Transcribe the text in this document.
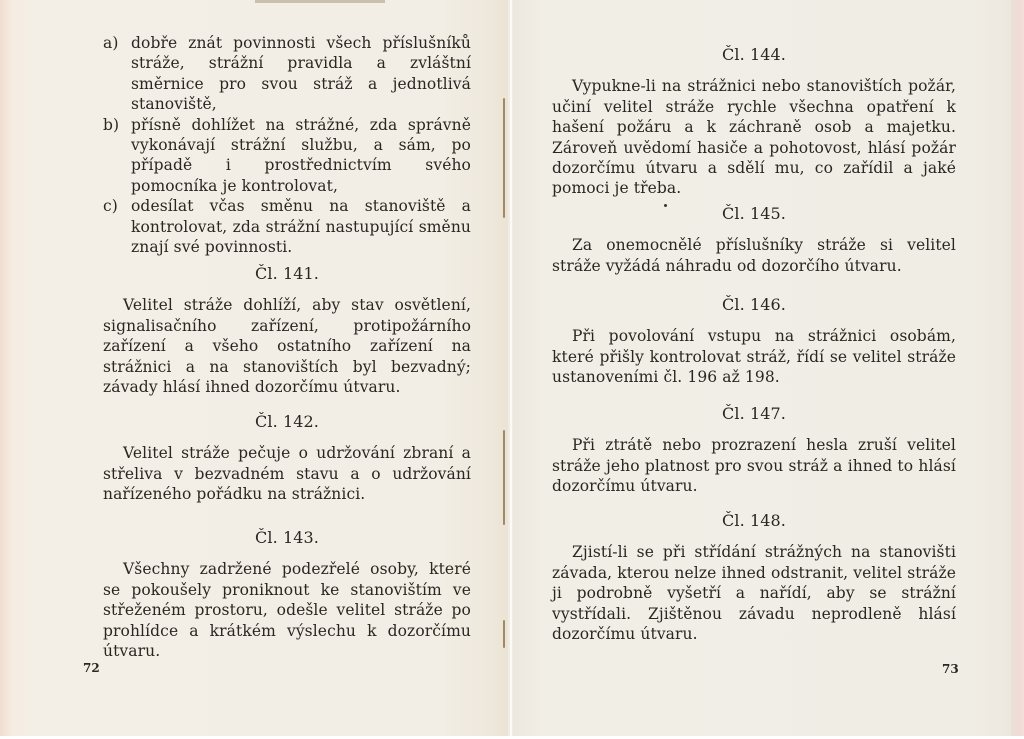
a) dobře znát povinnosti všech příslušníků stráže, strážní pravidla a zvláštní směrnice pro svou stráž a jednotlivá stanoviště,
b) přísně dohlížet na strážné, zda správně vykonávají strážní službu, a sám, po případě i prostřednictvím svého pomocníka je kontrolovat,
c) odesílat včas směnu na stanoviště a kontrolovat, zda strážní nastupující směnu znají své povinnosti.
Čl. 141.

Velitel stráže dohlíží, aby stav osvětlení, signalisačního zařízení, protipožárního zařízení a všeho ostatního zařízení na strážnici a na stanovištích byl bezvadný; závady hlásí ihned dozorčímu útvaru.

Čl. 142.

Velitel stráže pečuje o udržování zbraní a střeliva v bezvadném stavu a o udržování nařízeného pořádku na strážnici.

Čl. 143.

Všechny zadržené podezřelé osoby, které se pokoušely proniknout ke stanovištím ve střeženém prostoru, odešle velitel stráže po prohlídce a krátkém výslechu k dozorčímu útvaru.

72
Čl. 144.

Vypukne-li na strážnici nebo stanovištích požár, učiní velitel stráže rychle všechna opatření k hašení požáru a k záchraně osob a majetku. Zároveň uvědomí hasiče a pohotovost, hlásí požár dozorčímu útvaru a sdělí mu, co zařídil a jaké pomoci je třeba.

Čl. 145.

Za onemocnělé příslušníky stráže si velitel stráže vyžádá náhradu od dozorčího útvaru.

Čl. 146.

Při povolování vstupu na strážnici osobám, které přišly kontrolovat stráž, řídí se velitel stráže ustanoveními čl. 196 až 198.

Čl. 147.

Při ztrátě nebo prozrazení hesla zruší velitel stráže jeho platnost pro svou stráž a ihned to hlásí dozorčímu útvaru.

Čl. 148.

Zjistí-li se při střídání strážných na stanovišti závada, kterou nelze ihned odstranit, velitel stráže ji podrobně vyšetří a nařídí, aby se strážní vystřídali. Zjištěnou závadu neprodleně hlásí dozorčímu útvaru.

73
